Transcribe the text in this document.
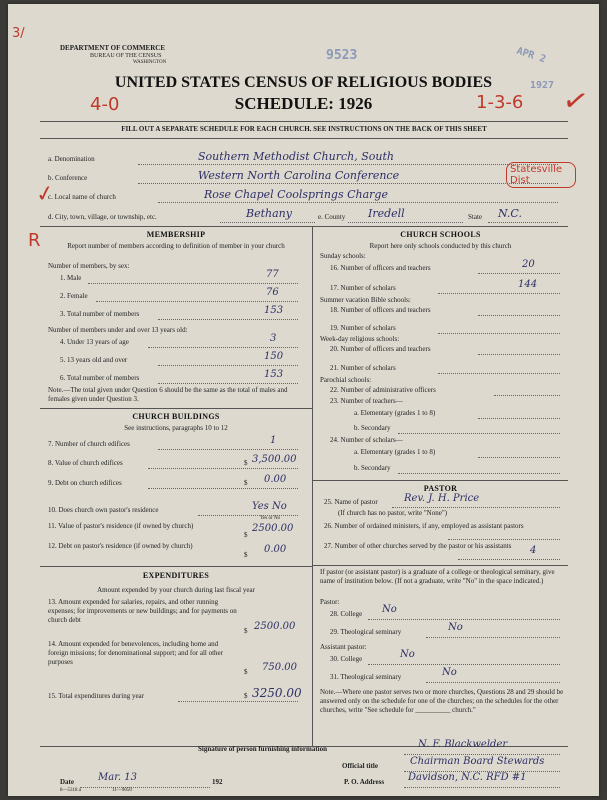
3/
DEPARTMENT OF COMMERCE
BUREAU OF THE CENSUS
WASHINGTON	9523	APR 2
1927 ✓
UNITED STATES CENSUS OF RELIGIOUS BODIES
SCHEDULE: 1926
4-0	1-3-6
FILL OUT A SEPARATE SCHEDULE FOR EACH CHURCH. SEE INSTRUCTIONS ON THE BACK OF THIS SHEET
a. Denomination	Southern Methodist Church, South
b. Conference	Western North Carolina Conference	Statesville Dist
c. Local name of church	Rose Chapel Coolsprings Charge
d. City, town, village, or township, etc.	Bethany	e. County Iredell	State N.C.
✓
R	MEMBERSHIP
Report number of members according to definition of member in your church
Number of members, by sex:
1. Male	77
2. Female	76
3. Total number of members	153
Number of members under and over 13 years old:
4. Under 13 years of age	3
5. 13 years old and over	150
6. Total number of members	153
Note.—The total given under Question 6 should be the same as the total of males and females given under Question 3.
CHURCH BUILDINGS
See instructions, paragraphs 10 to 12
7. Number of church edifices	1
8. Value of church edifices	$ 3,500.00
9. Debt on church edifices	$ 0.00
10. Does church own pastor's residence	Yes No
Yes or No
11. Value of pastor's residence (if owned by church)
$
2500.00
12. Debt on pastor's residence (if owned by church)
$ 0.00
EXPENDITURES
Amount expended by your church during last fiscal year
13. Amount expended for salaries, repairs, and other running expenses; for improvements or new buildings; and for payments on church debt
$ 2500.00
14. Amount expended for benevolences, including home and foreign missions; for denominational support; and for all other purposes
$ 750.00
15. Total expenditures during year	$ 3250.00
CHURCH SCHOOLS
Report here only schools conducted by this church
Sunday schools:
16. Number of officers and teachers	20
17. Number of scholars	144
Summer vacation Bible schools:
18. Number of officers and teachers
19. Number of scholars
Week-day religious schools:
20. Number of officers and teachers
21. Number of scholars
Parochial schools:
22. Number of administrative officers
23. Number of teachers—
a. Elementary (grades 1 to 8)
b. Secondary
24. Number of scholars—
a. Elementary (grades 1 to 8)
b. Secondary
PASTOR
25. Name of pastor	Rev. J. H. Price
(If church has no pastor, write "None")
26. Number of ordained ministers, if any, employed as assistant pastors
27. Number of other churches served by the pastor or his assistants	4
If pastor (or assistant pastor) is a graduate of a college or theological seminary, give name of institution below. (If not a graduate, write "No" in the space indicated.)
Pastor:
28. College No
29. Theological seminary	No
Assistant pastor:
30. College	No
31. Theological seminary	No
Note.—Where one pastor serves two or more churches, Questions 28 and 29 should be answered only on the schedule for one of the churches; on the schedules for the other churches, write "See schedule for __________ church."
Signature of person furnishing information	N. F. Blackwelder
Official title	Chairman Board Stewards
Date Mar. 13	192	P. O. Address Davidson, N.C. RFD #1
8—5318 a	11—9050
